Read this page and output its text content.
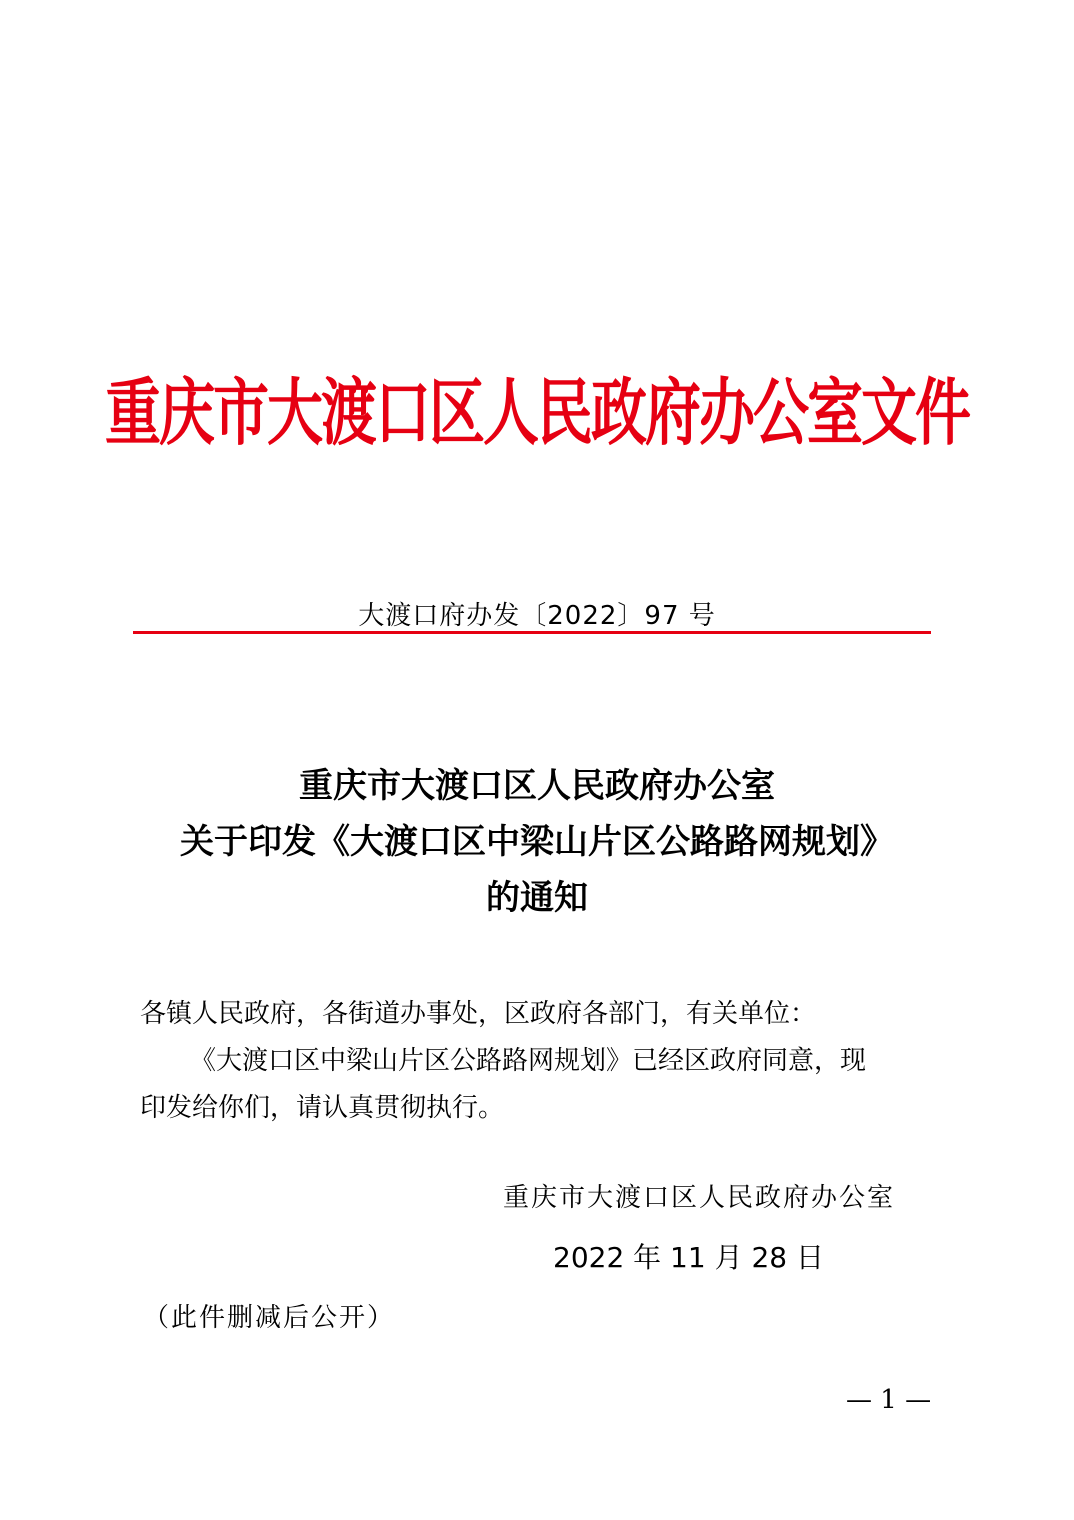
重庆市大渡口区人民政府办公室文件
大渡口府办发〔2022〕97 号
重庆市大渡口区人民政府办公室
关于印发《大渡口区中梁山片区公路路网规划》
的通知
各镇人民政府，各街道办事处，区政府各部门，有关单位：
《大渡口区中梁山片区公路路网规划》已经区政府同意，现
印发给你们，请认真贯彻执行。
重庆市大渡口区人民政府办公室
2022 年 11 月 28 日
（此件删减后公开）
— 1 —
